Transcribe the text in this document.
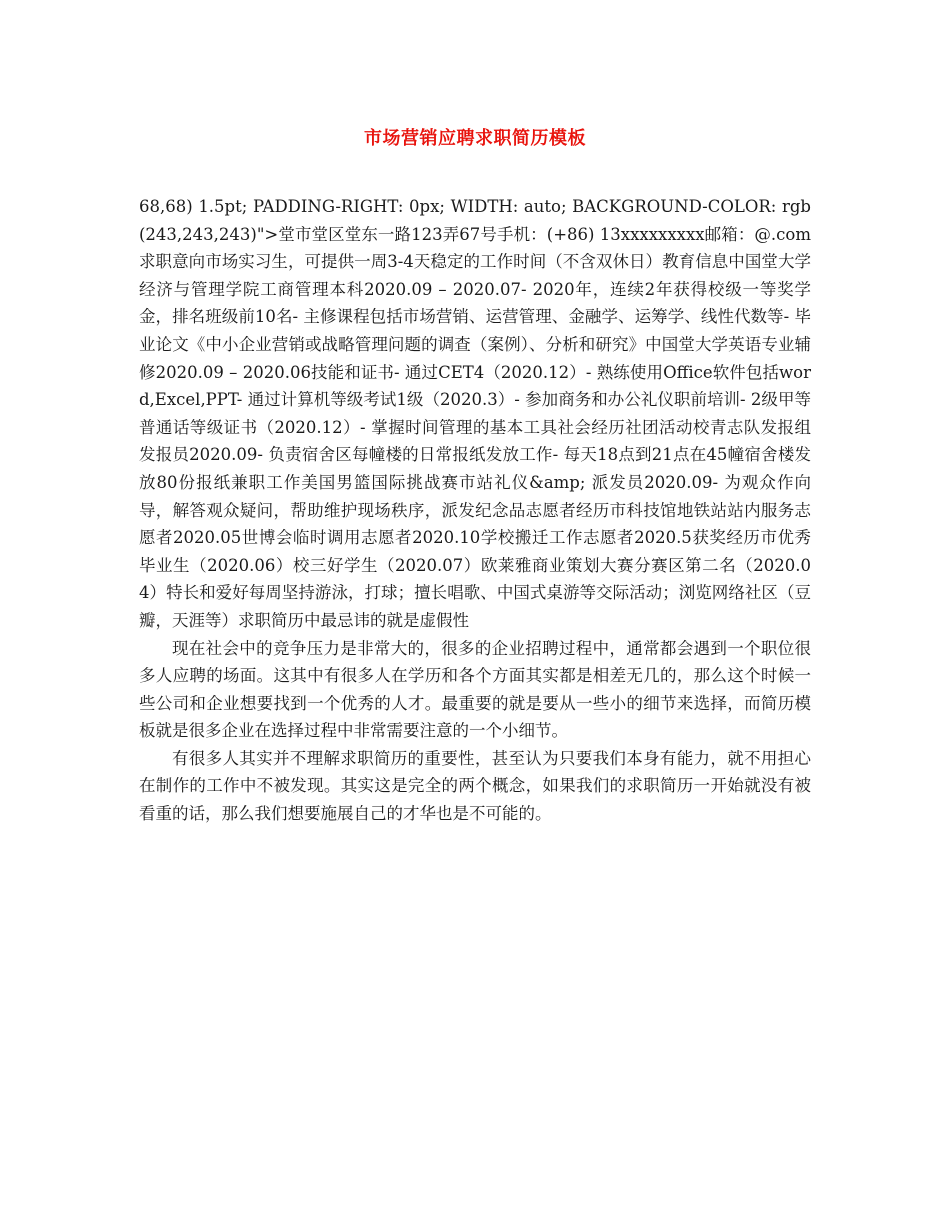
市场营销应聘求职简历模板

68,68) 1.5pt; PADDING-RIGHT: 0px; WIDTH: auto; BACKGROUND-COLOR: rgb(243,243,243)">堂市堂区堂东一路123弄67号手机：(+86) 13xxxxxxxxx邮箱：@.com求职意向市场实习生，可提供一周3-4天稳定的工作时间（不含双休日）教育信息中国堂大学经济与管理学院工商管理本科2020.09 – 2020.07- 2020年，连续2年获得校级一等奖学金，排名班级前10名- 主修课程包括市场营销、运营管理、金融学、运筹学、线性代数等- 毕业论文《中小企业营销或战略管理问题的调查（案例）、分析和研究》中国堂大学英语专业辅修2020.09 – 2020.06技能和证书- 通过CET4（2020.12）- 熟练使用Office软件包括word,Excel,PPT- 通过计算机等级考试1级（2020.3）- 参加商务和办公礼仪职前培训- 2级甲等普通话等级证书（2020.12）- 掌握时间管理的基本工具社会经历社团活动校青志队发报组发报员2020.09- 负责宿舍区每幢楼的日常报纸发放工作- 每天18点到21点在45幢宿舍楼发放80份报纸兼职工作美国男篮国际挑战赛市站礼仪&amp; 派发员2020.09- 为观众作向导，解答观众疑问，帮助维护现场秩序，派发纪念品志愿者经历市科技馆地铁站站内服务志愿者2020.05世博会临时调用志愿者2020.10学校搬迁工作志愿者2020.5获奖经历市优秀毕业生（2020.06）校三好学生（2020.07）欧莱雅商业策划大赛分赛区第二名（2020.04）特长和爱好每周坚持游泳，打球；擅长唱歌、中国式桌游等交际活动；浏览网络社区（豆瓣，天涯等）求职简历中最忌讳的就是虚假性

现在社会中的竞争压力是非常大的，很多的企业招聘过程中，通常都会遇到一个职位很多人应聘的场面。这其中有很多人在学历和各个方面其实都是相差无几的，那么这个时候一些公司和企业想要找到一个优秀的人才。最重要的就是要从一些小的细节来选择，而简历模板就是很多企业在选择过程中非常需要注意的一个小细节。

有很多人其实并不理解求职简历的重要性，甚至认为只要我们本身有能力，就不用担心在制作的工作中不被发现。其实这是完全的两个概念，如果我们的求职简历一开始就没有被看重的话，那么我们想要施展自己的才华也是不可能的。
